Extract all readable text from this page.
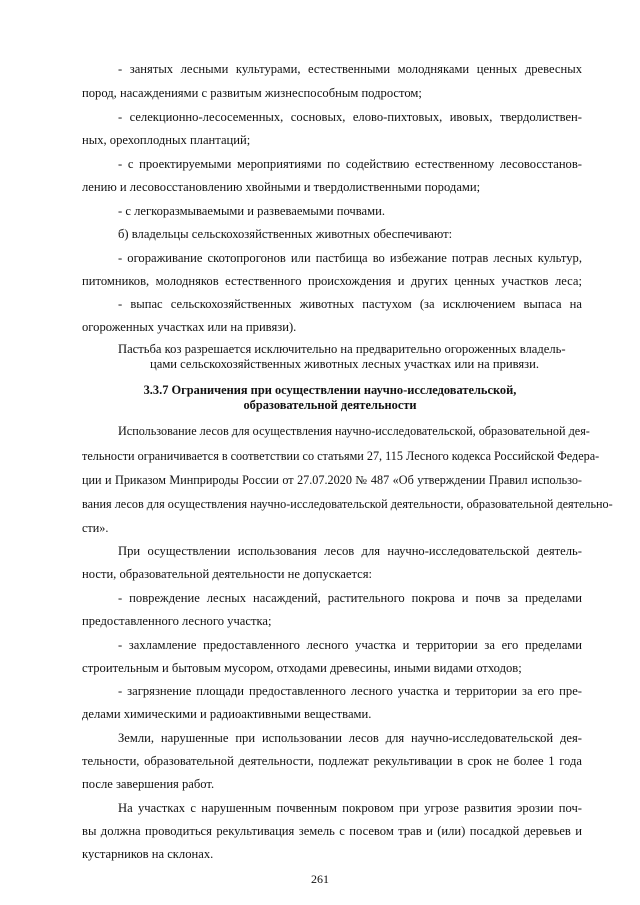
- занятых лесными культурами, естественными молодняками ценных древесных
пород, насаждениями с развитым жизнеспособным подростом;
- селекционно-лесосеменных, сосновых, елово-пихтовых, ивовых, твердолиствен-
ных, орехоплодных плантаций;
- с проектируемыми мероприятиями по содействию естественному лесовосстанов-
лению и лесовосстановлению хвойными и твердолиственными породами;
- с легкоразмываемыми и развеваемыми почвами.
б) владельцы сельскохозяйственных животных обеспечивают:
- огораживание скотопрогонов или пастбища во избежание потрав лесных культур,
питомников, молодняков естественного происхождения и других ценных участков леса;
- выпас сельскохозяйственных животных пастухом (за исключением выпаса на
огороженных участках или на привязи).
Пастьба коз разрешается исключительно на предварительно огороженных владель-
цами сельскохозяйственных животных лесных участках или на привязи.
3.3.7 Ограничения при осуществлении научно-исследовательской,
образовательной деятельности
Использование лесов для осуществления научно-исследовательской, образовательной дея-
тельности ограничивается в соответствии со статьями 27, 115 Лесного кодекса Российской Федера-
ции и Приказом Минприроды России от 27.07.2020 № 487 «Об утверждении Правил использо-
вания лесов для осуществления научно-исследовательской деятельности, образовательной деятельно-
сти».
При осуществлении использования лесов для научно-исследовательской деятель-
ности, образовательной деятельности не допускается:
- повреждение лесных насаждений, растительного покрова и почв за пределами
предоставленного лесного участка;
- захламление предоставленного лесного участка и территории за его пределами
строительным и бытовым мусором, отходами древесины, иными видами отходов;
- загрязнение площади предоставленного лесного участка и территории за его пре-
делами химическими и радиоактивными веществами.
Земли, нарушенные при использовании лесов для научно-исследовательской дея-
тельности, образовательной деятельности, подлежат рекультивации в срок не более 1 года
после завершения работ.
На участках с нарушенным почвенным покровом при угрозе развития эрозии поч-
вы должна проводиться рекультивация земель с посевом трав и (или) посадкой деревьев и
кустарников на склонах.
261
